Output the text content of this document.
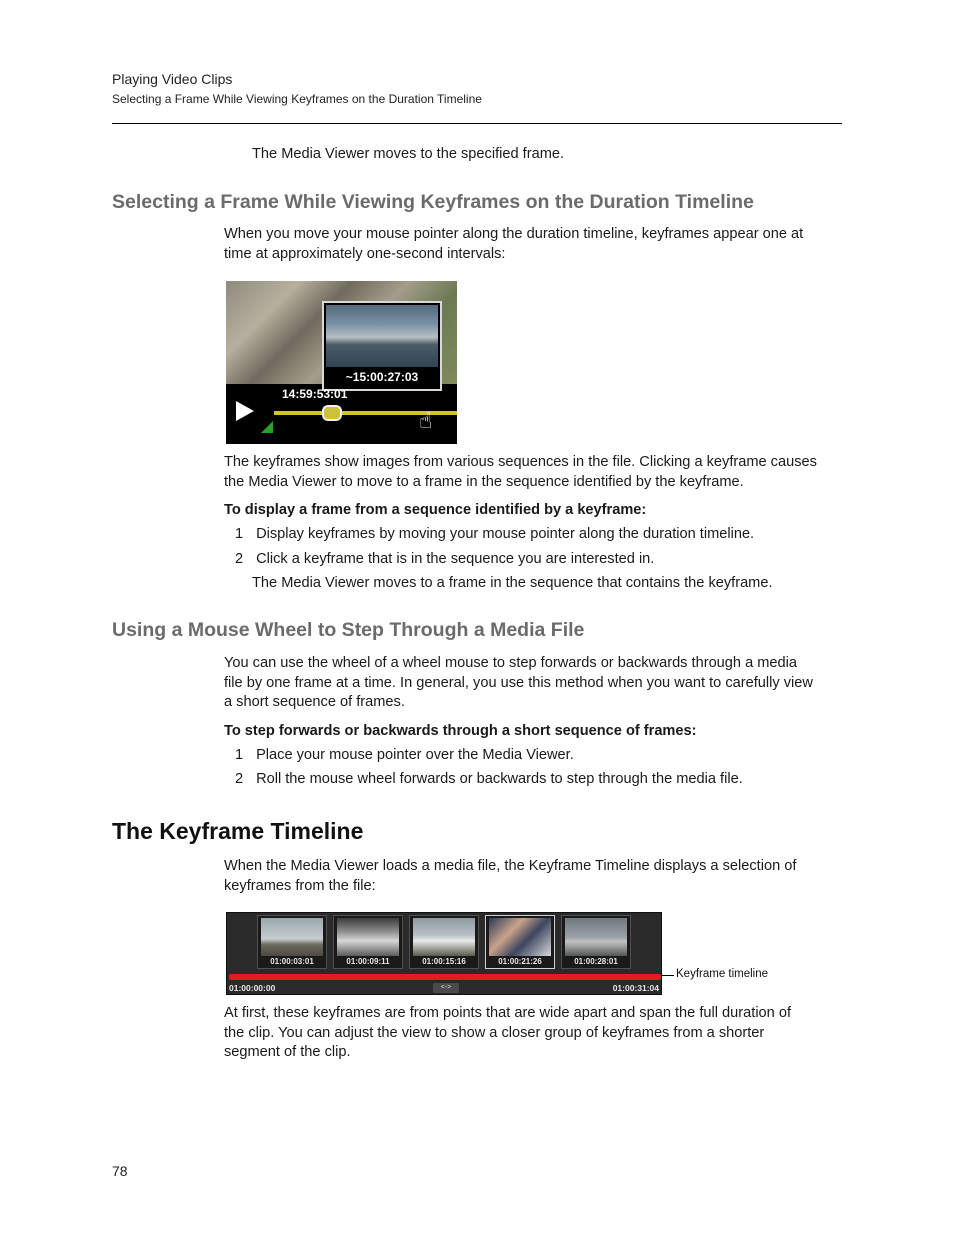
Playing Video Clips
Selecting a Frame While Viewing Keyframes on the Duration Timeline
The Media Viewer moves to the specified frame.
Selecting a Frame While Viewing Keyframes on the Duration Timeline
When you move your mouse pointer along the duration timeline, keyframes appear one at
time at approximately one-second intervals:
~15:00:27:03
14:59:53:01
☝
The keyframes show images from various sequences in the file. Clicking a keyframe causes
the Media Viewer to move to a frame in the sequence identified by the keyframe.
To display a frame from a sequence identified by a keyframe:
1 Display keyframes by moving your mouse pointer along the duration timeline.
2 Click a keyframe that is in the sequence you are interested in.
The Media Viewer moves to a frame in the sequence that contains the keyframe.
Using a Mouse Wheel to Step Through a Media File
You can use the wheel of a wheel mouse to step forwards or backwards through a media
file by one frame at a time. In general, you use this method when you want to carefully view
a short sequence of frames.
To step forwards or backwards through a short sequence of frames:
1 Place your mouse pointer over the Media Viewer.
2 Roll the mouse wheel forwards or backwards to step through the media file.
The Keyframe Timeline
When the Media Viewer loads a media file, the Keyframe Timeline displays a selection of
keyframes from the file:
01:00:03:01	01:00:09:11	01:00:15:16	01:00:21:26	01:00:28:01
01:00:00:00	<->	01:00:31:04
Keyframe timeline
At first, these keyframes are from points that are wide apart and span the full duration of
the clip. You can adjust the view to show a closer group of keyframes from a shorter
segment of the clip.
78
